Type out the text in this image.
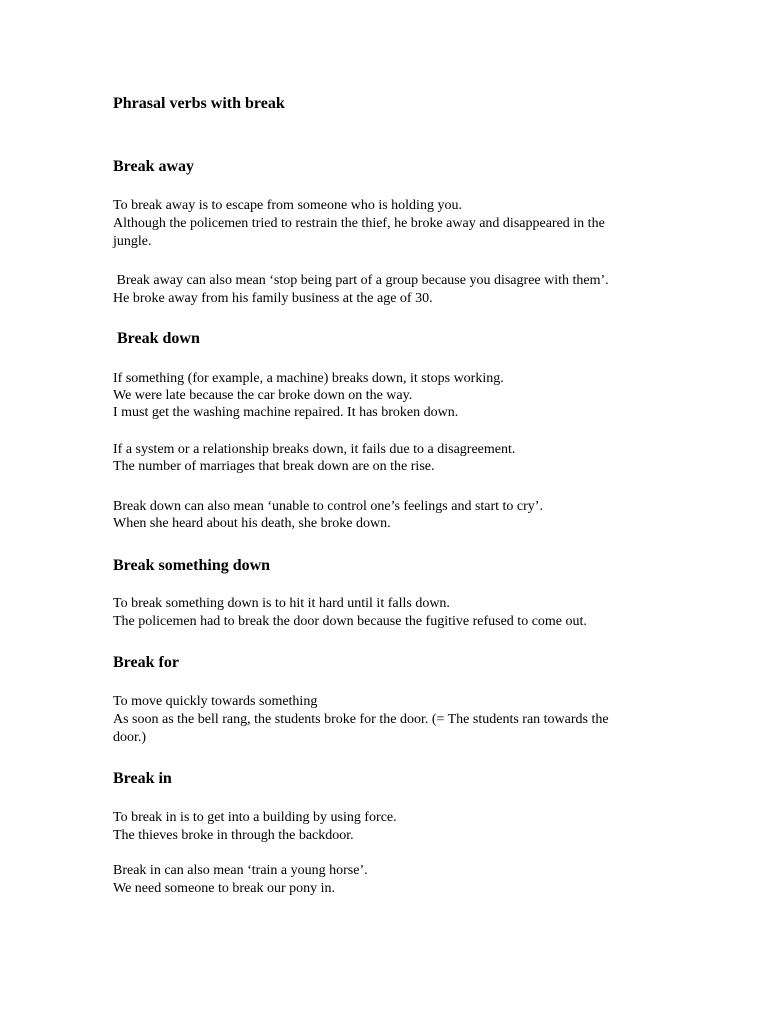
Phrasal verbs with break
Break away
To break away is to escape from someone who is holding you.
Although the policemen tried to restrain the thief, he broke away and disappeared in the
jungle.
Break away can also mean ‘stop being part of a group because you disagree with them’.
He broke away from his family business at the age of 30.
Break down
If something (for example, a machine) breaks down, it stops working.
We were late because the car broke down on the way.
I must get the washing machine repaired. It has broken down.
If a system or a relationship breaks down, it fails due to a disagreement.
The number of marriages that break down are on the rise.
Break down can also mean ‘unable to control one’s feelings and start to cry’.
When she heard about his death, she broke down.
Break something down
To break something down is to hit it hard until it falls down.
The policemen had to break the door down because the fugitive refused to come out.
Break for
To move quickly towards something
As soon as the bell rang, the students broke for the door. (= The students ran towards the
door.)
Break in
To break in is to get into a building by using force.
The thieves broke in through the backdoor.
Break in can also mean ‘train a young horse’.
We need someone to break our pony in.
